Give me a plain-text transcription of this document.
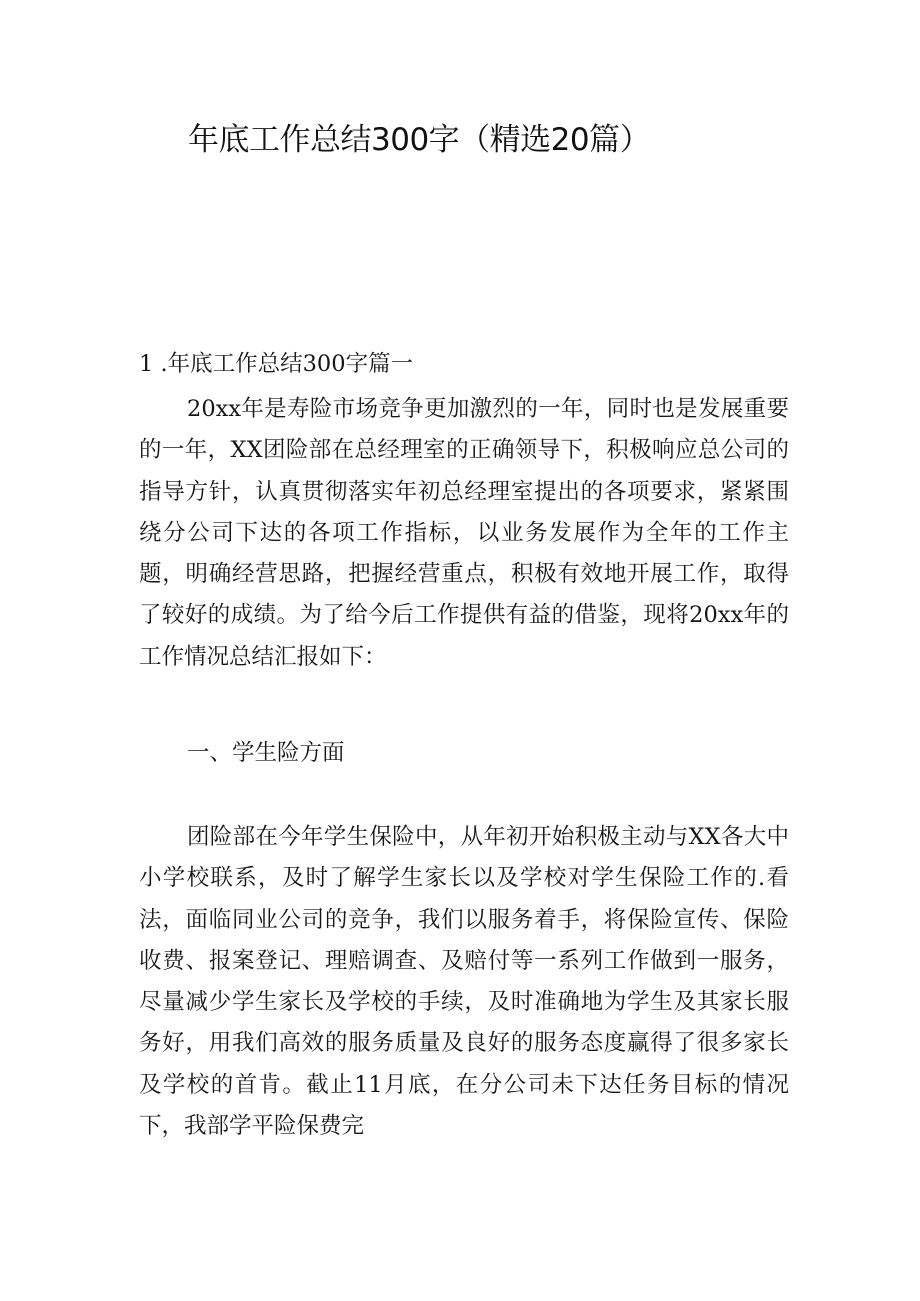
年底工作总结300字（精选20篇）

1 .年底工作总结300字篇一

20xx年是寿险市场竞争更加激烈的一年，同时也是发展重要的一年，XX团险部在总经理室的正确领导下，积极响应总公司的指导方针，认真贯彻落实年初总经理室提出的各项要求，紧紧围绕分公司下达的各项工作指标，以业务发展作为全年的工作主题，明确经营思路，把握经营重点，积极有效地开展工作，取得了较好的成绩。为了给今后工作提供有益的借鉴，现将20xx年的工作情况总结汇报如下：

一、学生险方面

团险部在今年学生保险中，从年初开始积极主动与XX各大中小学校联系，及时了解学生家长以及学校对学生保险工作的.看法，面临同业公司的竞争，我们以服务着手，将保险宣传、保险收费、报案登记、理赔调查、及赔付等一系列工作做到一服务，尽量减少学生家长及学校的手续，及时准确地为学生及其家长服务好，用我们高效的服务质量及良好的服务态度赢得了很多家长及学校的首肯。截止11月底，在分公司未下达任务目标的情况下，我部学平险保费完
